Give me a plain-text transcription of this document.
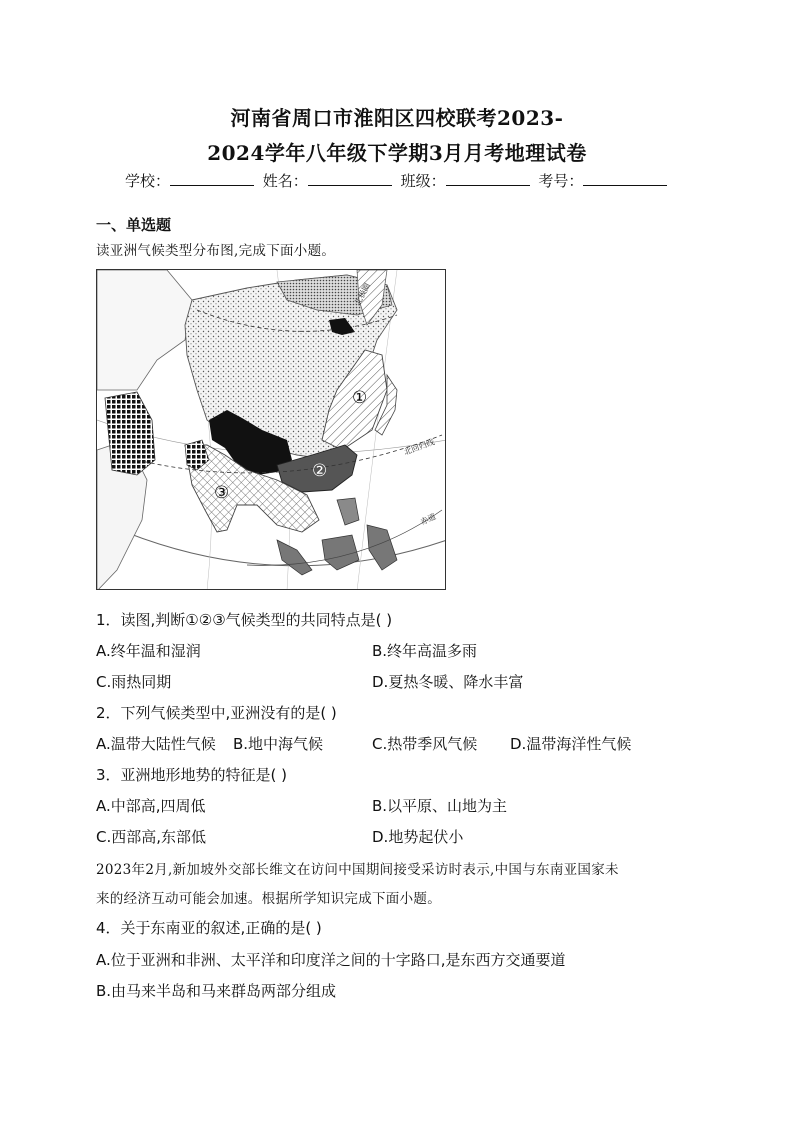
河南省周口市淮阳区四校联考2023-
2024学年八年级下学期3月月考地理试卷
学校：	姓名：	班级：	考号：
一、单选题
读亚洲气候类型分布图,完成下面小题。
①
②
③
北极圈
北回归线
赤道
1．读图,判断①②③气候类型的共同特点是( )
A.终年温和湿润	B.终年高温多雨
C.雨热同期	D.夏热冬暖、降水丰富
2．下列气候类型中,亚洲没有的是( )
A.温带大陆性气候 B.地中海气候	C.热带季风气候 D.温带海洋性气候
3．亚洲地形地势的特征是( )
A.中部高,四周低	B.以平原、山地为主
C.西部高,东部低	D.地势起伏小
2023年2月,新加坡外交部长维文在访问中国期间接受采访时表示,中国与东南亚国家未
来的经济互动可能会加速。根据所学知识完成下面小题。
4．关于东南亚的叙述,正确的是( )
A.位于亚洲和非洲、太平洋和印度洋之间的十字路口,是东西方交通要道
B.由马来半岛和马来群岛两部分组成
